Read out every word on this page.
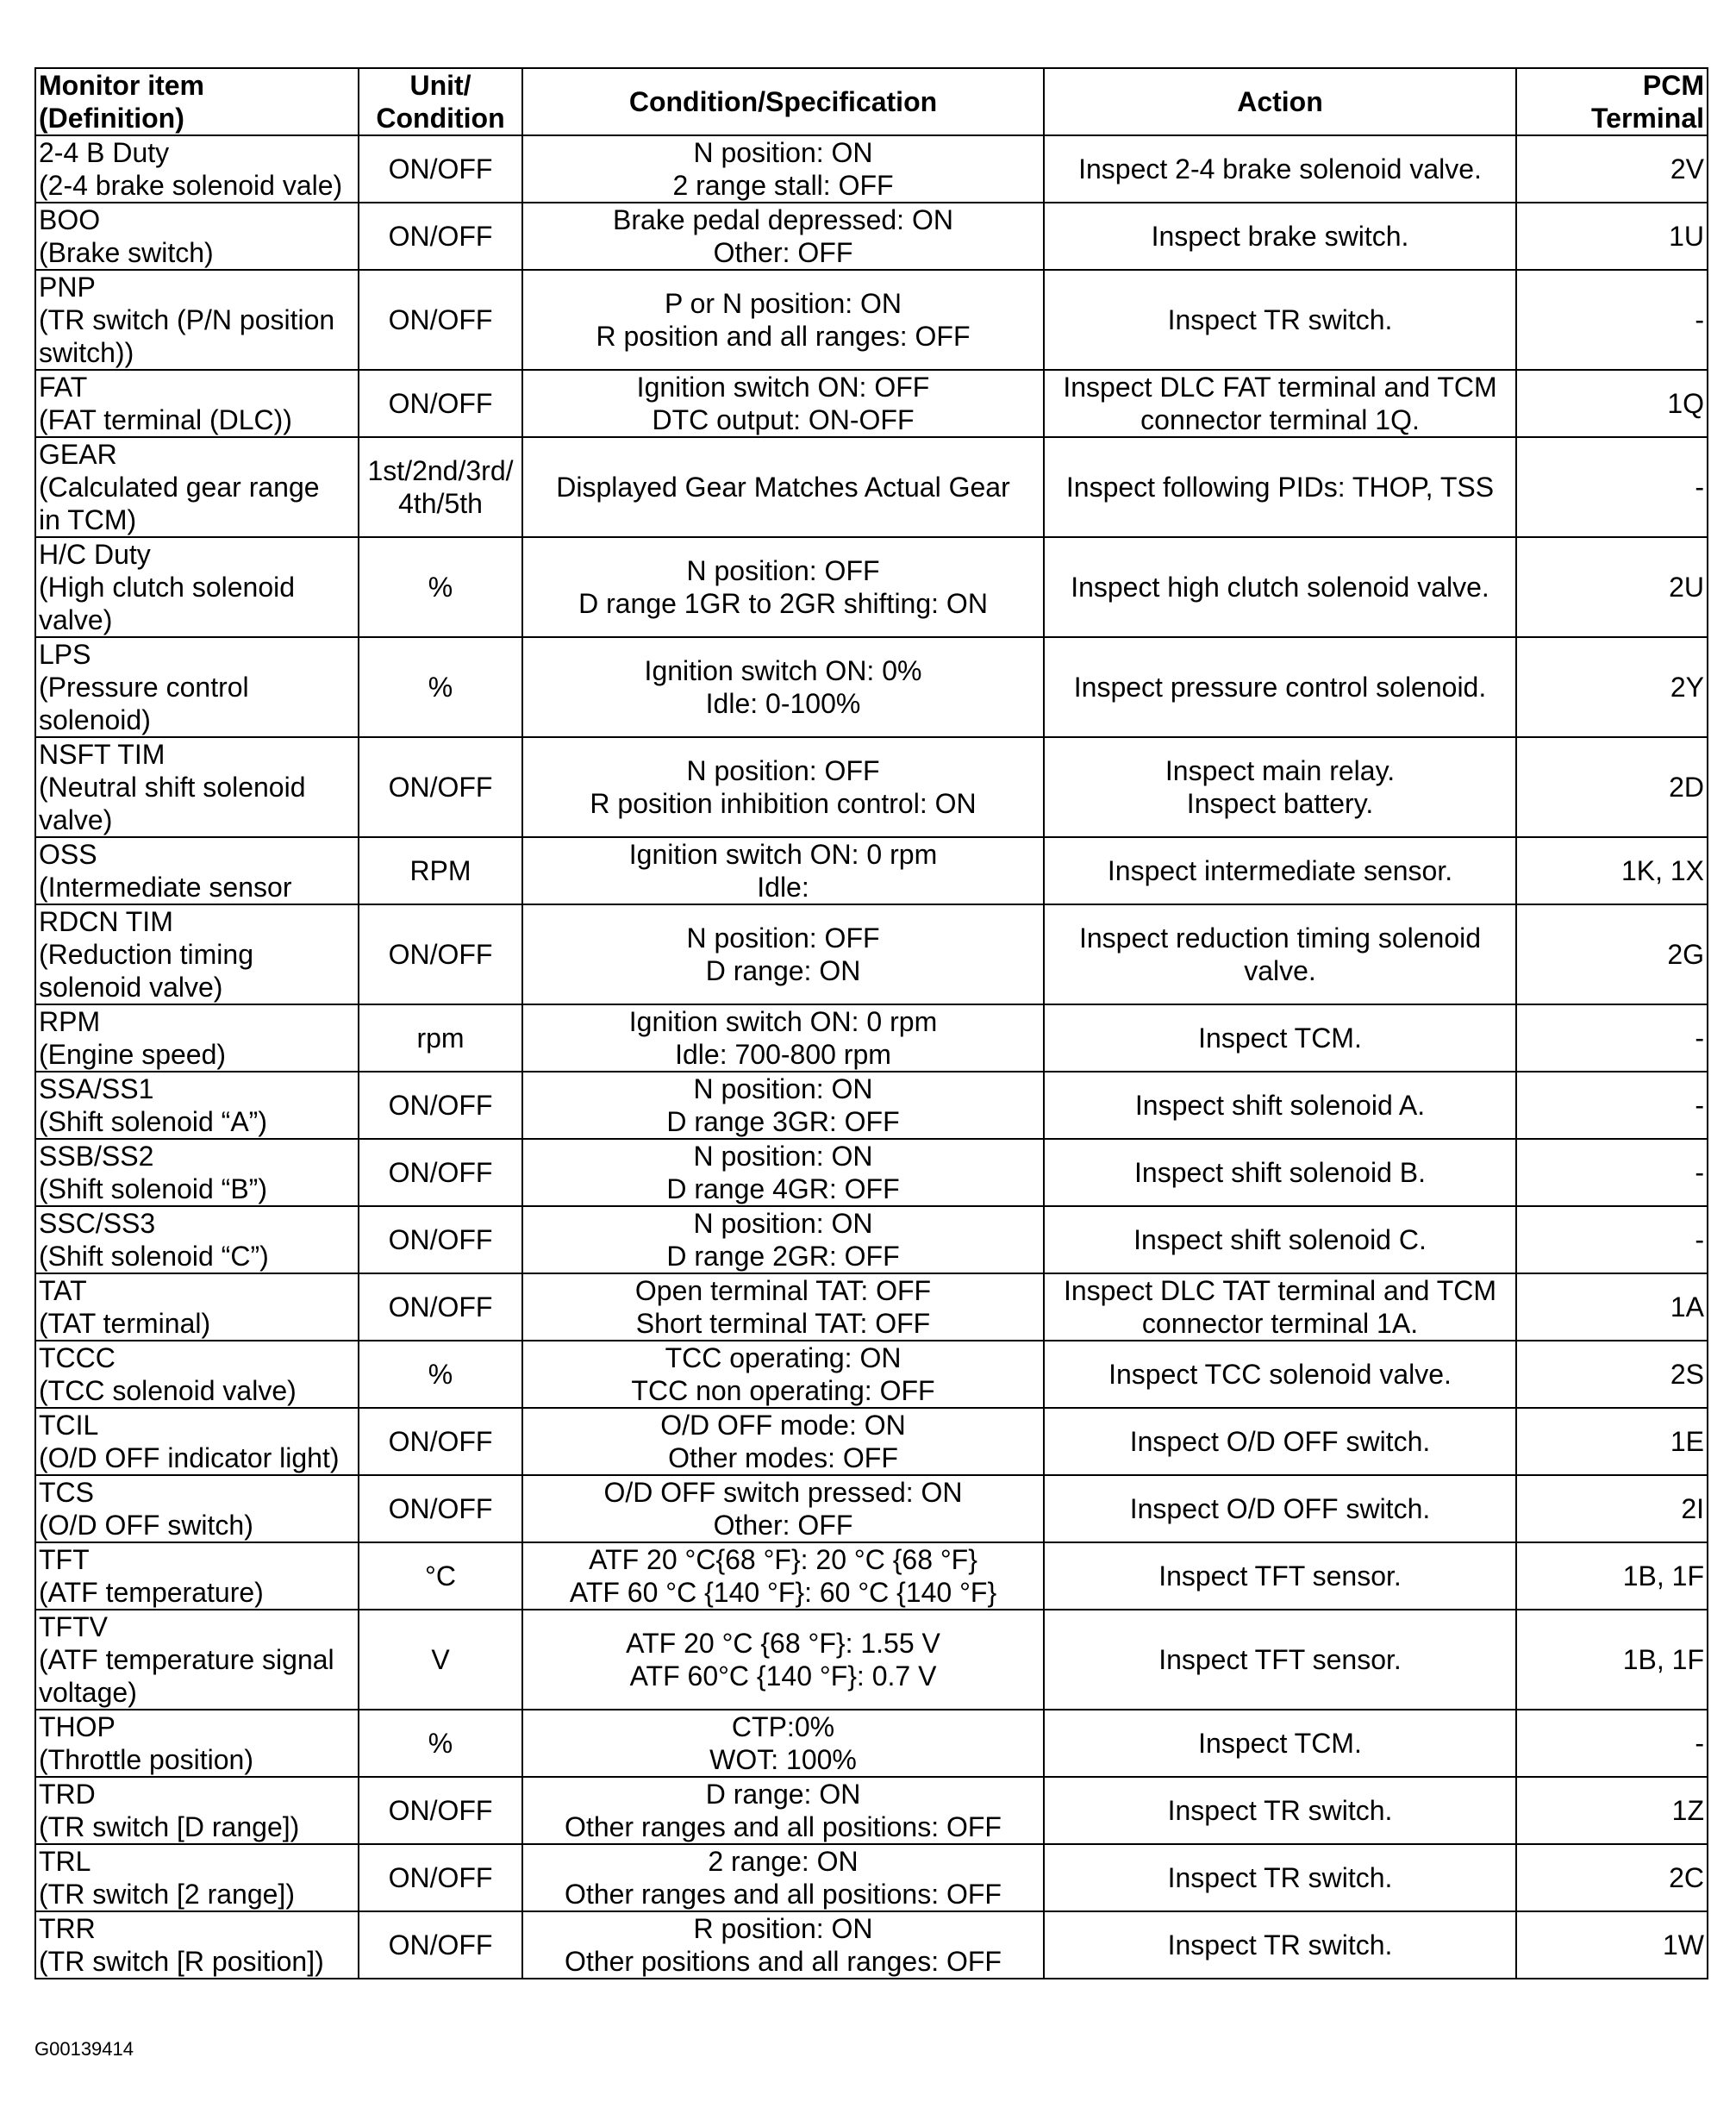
Monitor item
(Definition)	Unit/
Condition	Condition/Specification	Action	PCM
Terminal
2-4 B Duty
(2-4 brake solenoid vale)	ON/OFF	N position: ON
2 range stall: OFF	Inspect 2-4 brake solenoid valve.	2V
BOO
(Brake switch)	ON/OFF	Brake pedal depressed: ON
Other: OFF	Inspect brake switch.	1U
PNP
(TR switch (P/N position
switch))	ON/OFF	P or N position: ON
R position and all ranges: OFF	Inspect TR switch.	-
FAT
(FAT terminal (DLC))	ON/OFF	Ignition switch ON: OFF
DTC output: ON-OFF	Inspect DLC FAT terminal and TCM
connector terminal 1Q.	1Q
GEAR
(Calculated gear range
in TCM)	1st/2nd/3rd/
4th/5th	Displayed Gear Matches Actual Gear	Inspect following PIDs: THOP, TSS	-
H/C Duty
(High clutch solenoid
valve)	%	N position: OFF
D range 1GR to 2GR shifting: ON	Inspect high clutch solenoid valve.	2U
LPS
(Pressure control
solenoid)	%	Ignition switch ON: 0%
Idle: 0-100%	Inspect pressure control solenoid.	2Y
NSFT TIM
(Neutral shift solenoid
valve)	ON/OFF	N position: OFF
R position inhibition control: ON	Inspect main relay.
Inspect battery.	2D
OSS
(Intermediate sensor	RPM	Ignition switch ON: 0 rpm
Idle:	Inspect intermediate sensor.	1K, 1X
RDCN TIM
(Reduction timing
solenoid valve)	ON/OFF	N position: OFF
D range: ON	Inspect reduction timing solenoid
valve.	2G
RPM
(Engine speed)	rpm	Ignition switch ON: 0 rpm
Idle: 700-800 rpm	Inspect TCM.	-
SSA/SS1
(Shift solenoid “A”)	ON/OFF	N position: ON
D range 3GR: OFF	Inspect shift solenoid A.	-
SSB/SS2
(Shift solenoid “B”)	ON/OFF	N position: ON
D range 4GR: OFF	Inspect shift solenoid B.	-
SSC/SS3
(Shift solenoid “C”)	ON/OFF	N position: ON
D range 2GR: OFF	Inspect shift solenoid C.	-
TAT
(TAT terminal)	ON/OFF	Open terminal TAT: OFF
Short terminal TAT: OFF	Inspect DLC TAT terminal and TCM
connector terminal 1A.	1A
TCCC
(TCC solenoid valve)	%	TCC operating: ON
TCC non operating: OFF	Inspect TCC solenoid valve.	2S
TCIL
(O/D OFF indicator light)	ON/OFF	O/D OFF mode: ON
Other modes: OFF	Inspect O/D OFF switch.	1E
TCS
(O/D OFF switch)	ON/OFF	O/D OFF switch pressed: ON
Other: OFF	Inspect O/D OFF switch.	2I
TFT
(ATF temperature)	°C	ATF 20 °C{68 °F}: 20 °C {68 °F}
ATF 60 °C {140 °F}: 60 °C {140 °F}	Inspect TFT sensor.	1B, 1F
TFTV
(ATF temperature signal
voltage)	V	ATF 20 °C {68 °F}: 1.55 V
ATF 60°C {140 °F}: 0.7 V	Inspect TFT sensor.	1B, 1F
THOP
(Throttle position)	%	CTP:0%
WOT: 100%	Inspect TCM.	-
TRD
(TR switch [D range])	ON/OFF	D range: ON
Other ranges and all positions: OFF	Inspect TR switch.	1Z
TRL
(TR switch [2 range])	ON/OFF	2 range: ON
Other ranges and all positions: OFF	Inspect TR switch.	2C
TRR
(TR switch [R position])	ON/OFF	R position: ON
Other positions and all ranges: OFF	Inspect TR switch.	1W
G00139414
